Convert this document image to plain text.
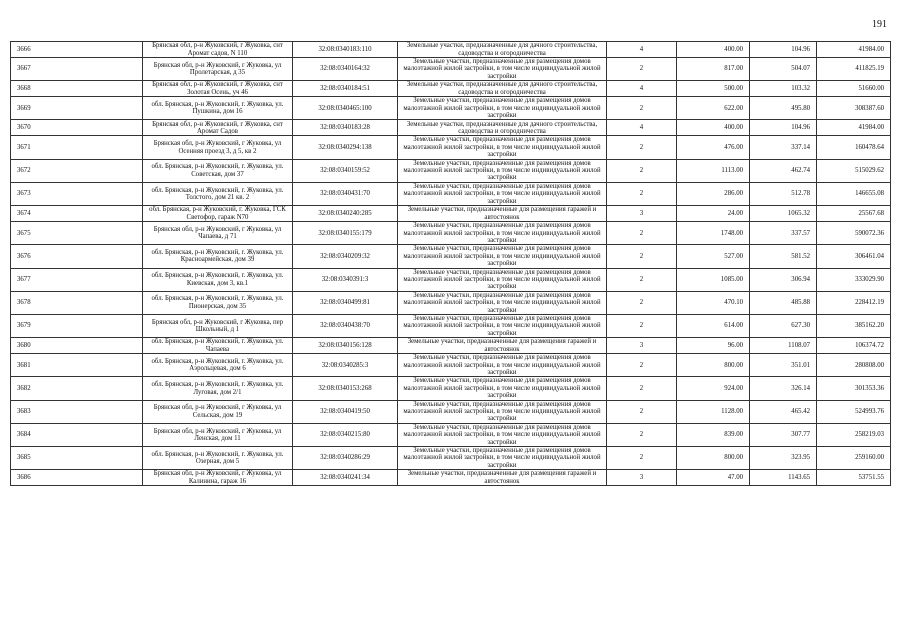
191
3666	Брянская обл, р-н Жуковский, г Жуковка, снт Аромат садов, N 110	32:08:0340183:110	Земельные участки, предназначенные для дачного строительства, садоводства и огородничества	4	400.00	104.96	41984.00
3667	Брянская обл, р-н Жуковский, г Жуковка, ул Пролетарская, д 35	32:08:0340164:32	Земельные участки, предназначенные для размещения домов малоэтажной жилой застройки, в том числе индивидуальной жилой застройки	2	817.00	504.07	411825.19
3668	Брянская обл, р-н Жуковский, г Жуковка, снт Золотая Осень, уч 46	32:08:0340184:51	Земельные участки, предназначенные для дачного строительства, садоводства и огородничества	4	500.00	103.32	51660.00
3669	обл. Брянская, р-н Жуковский, г. Жуковка, ул. Пушкина, дом 16	32:08:0340465:100	Земельные участки, предназначенные для размещения домов малоэтажной жилой застройки, в том числе индивидуальной жилой застройки	2	622.00	495.80	308387.60
3670	Брянская обл, р-н Жуковский, г Жуковка, снт Аромат Садов	32:08:0340183:28	Земельные участки, предназначенные для дачного строительства, садоводства и огородничества	4	400.00	104.96	41984.00
3671	Брянская обл, р-н Жуковский, г Жуковка, ул Осенняя проезд 3, д 5, кв 2	32:08:0340294:138	Земельные участки, предназначенные для размещения домов малоэтажной жилой застройки, в том числе индивидуальной жилой застройки	2	476.00	337.14	160478.64
3672	обл. Брянская, р-н Жуковский, г. Жуковка, ул. Советская, дом 37	32:08:0340159:52	Земельные участки, предназначенные для размещения домов малоэтажной жилой застройки, в том числе индивидуальной жилой застройки	2	1113.00	462.74	515029.62
3673	обл. Брянская, р-н Жуковский, г. Жуковка, ул. Толстого, дом 21 кв. 2	32:08:0340431:70	Земельные участки, предназначенные для размещения домов малоэтажной жилой застройки, в том числе индивидуальной жилой застройки	2	286.00	512.78	146655.08
3674	обл. Брянская, р-н Жуковский, г. Жуковка, ГСК Светофор, гараж N70	32:08:0340240:285	Земельные участки, предназначенные для размещения гаражей и автостоянок	3	24.00	1065.32	25567.68
3675	Брянская обл, р-н Жуковский, г Жуковка, ул Чапаева, д 71	32:08:0340155:179	Земельные участки, предназначенные для размещения домов малоэтажной жилой застройки, в том числе индивидуальной жилой застройки	2	1748.00	337.57	590072.36
3676	обл. Брянская, р-н Жуковский, г. Жуковка, ул. Красноармейская, дом 39	32:08:0340209:32	Земельные участки, предназначенные для размещения домов малоэтажной жилой застройки, в том числе индивидуальной жилой застройки	2	527.00	581.52	306461.04
3677	обл. Брянская, р-н Жуковский, г. Жуковка, ул. Киевская, дом 3, кв.1	32:08:0340391:3	Земельные участки, предназначенные для размещения домов малоэтажной жилой застройки, в том числе индивидуальной жилой застройки	2	1085.00	306.94	333029.90
3678	обл. Брянская, р-н Жуковский, г. Жуковка, ул. Пионерская, дом 35	32:08:0340499:81	Земельные участки, предназначенные для размещения домов малоэтажной жилой застройки, в том числе индивидуальной жилой застройки	2	470.10	485.88	228412.19
3679	Брянская обл, р-н Жуковский, г Жуковка, пер Школьный, д 1	32:08:0340438:70	Земельные участки, предназначенные для размещения домов малоэтажной жилой застройки, в том числе индивидуальной жилой застройки	2	614.00	627.30	385162.20
3680	обл. Брянская, р-н Жуковский, г. Жуковка, ул. Чапаева	32:08:0340156:128	Земельные участки, предназначенные для размещения гаражей и автостоянок	3	96.00	1108.07	106374.72
3681	обл. Брянская, р-н Жуковский, г. Жуковка, ул. Аэрольцевая, дом 6	32:08:0340285:3	Земельные участки, предназначенные для размещения домов малоэтажной жилой застройки, в том числе индивидуальной жилой застройки	2	800.00	351.01	280808.00
3682	обл. Брянская, р-н Жуковский, г. Жуковка, ул. Луговая, дом 2/1	32:08:0340153:268	Земельные участки, предназначенные для размещения домов малоэтажной жилой застройки, в том числе индивидуальной жилой застройки	2	924.00	326.14	301353.36
3683	Брянская обл, р-н Жуковский, г Жуковка, ул Сельская, дом 19	32:08:0340419:50	Земельные участки, предназначенные для размещения домов малоэтажной жилой застройки, в том числе индивидуальной жилой застройки	2	1128.00	465.42	524993.76
3684	Брянская обл, р-н Жуковский, г Жуковка, ул Ленская, дом 11	32:08:0340215:80	Земельные участки, предназначенные для размещения домов малоэтажной жилой застройки, в том числе индивидуальной жилой застройки	2	839.00	307.77	258219.03
3685	обл. Брянская, р-н Жуковский, г. Жуковка, ул. Озерная, дом 5	32:08:0340286:29	Земельные участки, предназначенные для размещения домов малоэтажной жилой застройки, в том числе индивидуальной жилой застройки	2	800.00	323.95	259160.00
3686	Брянская обл, р-н Жуковский, г Жуковка, ул Калинина, гараж 16	32:08:0340241:34	Земельные участки, предназначенные для размещения гаражей и автостоянок	3	47.00	1143.65	53751.55
